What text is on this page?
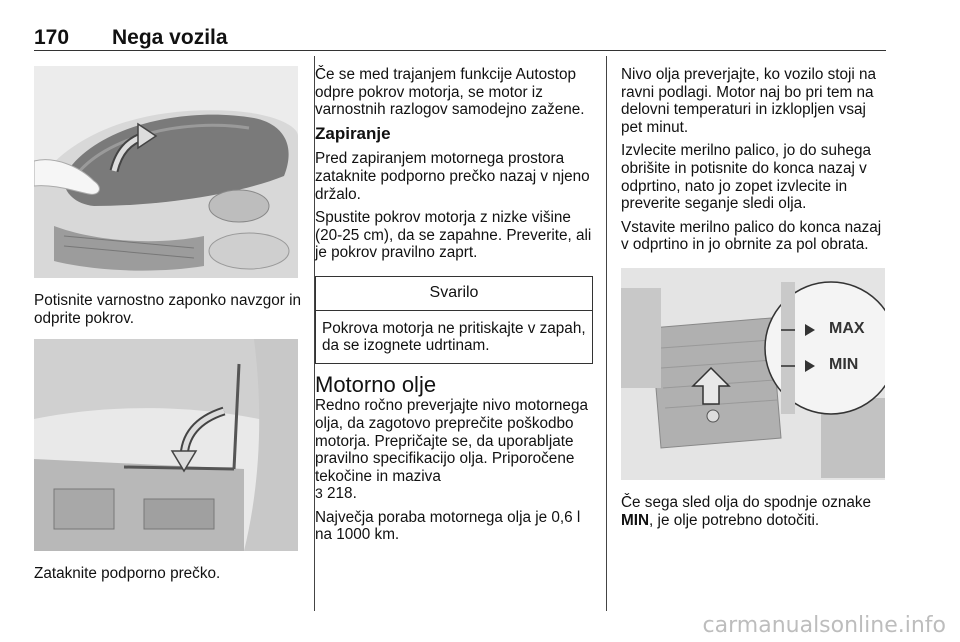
170 Nega vozila

Potisnite varnostno zaponko navzgor in odprite pokrov.

Zataknite podporno prečko.

Če se med trajanjem funkcije Autostop odpre pokrov motorja, se motor iz varnostnih razlogov samodejno zažene.

Zapiranje

Pred zapiranjem motornega prostora zataknite podporno prečko nazaj v njeno držalo.

Spustite pokrov motorja z nizke višine (20-25 cm), da se zapahne. Preverite, ali je pokrov pravilno zaprt.

Svarilo
Pokrova motorja ne pritiskajte v zapah, da se izognete udrtinam.
Motorno olje

Redno ročno preverjajte nivo motornega olja, da zagotovo preprečite poškodbo motorja. Prepričajte se, da uporabljate pravilno specifikacijo olja. Priporočene tekočine in maziva
3 218.

Največja poraba motornega olja je 0,6 l na 1000 km.

Nivo olja preverjajte, ko vozilo stoji na ravni podlagi. Motor naj bo pri tem na delovni temperaturi in izklopljen vsaj pet minut.

Izvlecite merilno palico, jo do suhega obrišite in potisnite do konca nazaj v odprtino, nato jo zopet izvlecite in preverite seganje sledi olja.

Vstavite merilno palico do konca nazaj v odprtino in jo obrnite za pol obrata.

MAX
MIN

Če sega sled olja do spodnje oznake MIN, je olje potrebno dotočiti.

carmanualsonline.info
